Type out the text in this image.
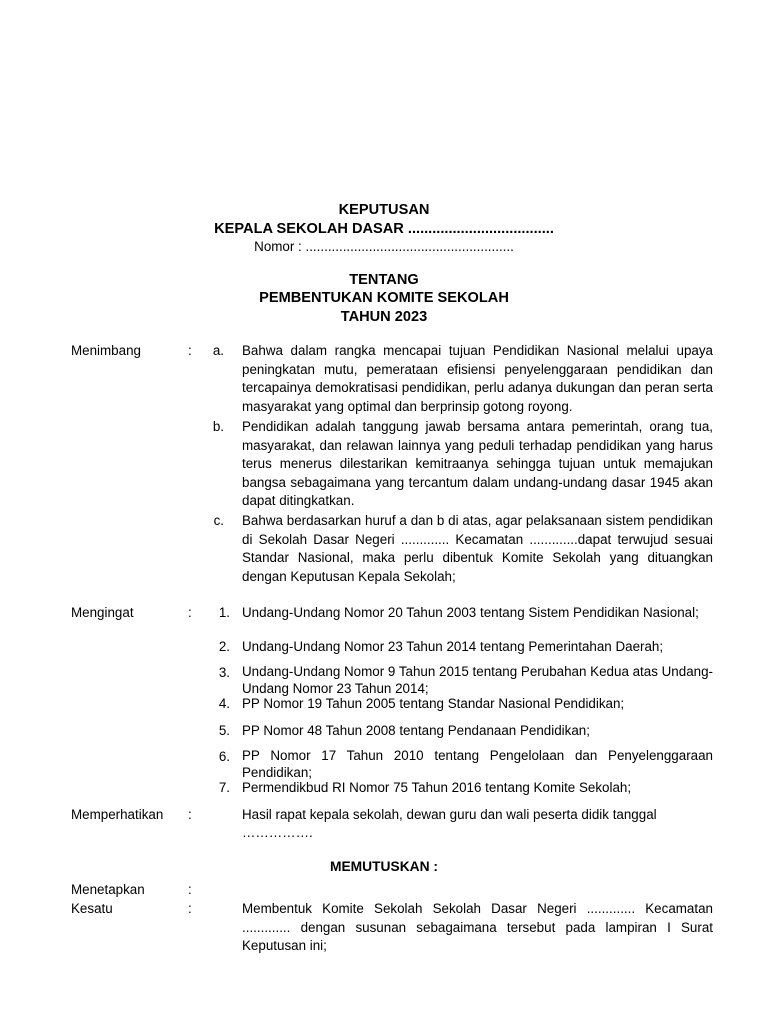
KEPUTUSAN
KEPALA SEKOLAH DASAR ....................................
Nomor : ........................................................
TENTANG
PEMBENTUKAN KOMITE SEKOLAH
TAHUN 2023
Menimbang	:	a. Bahwa dalam rangka mencapai tujuan Pendidikan Nasional melalui upaya peningkatan mutu, pemerataan efisiensi penyelenggaraan pendidikan dan tercapainya demokratisasi pendidikan, perlu adanya dukungan dan peran serta masyarakat yang optimal dan berprinsip gotong royong.
b. Pendidikan adalah tanggung jawab bersama antara pemerintah, orang tua, masyarakat, dan relawan lainnya yang peduli terhadap pendidikan yang harus terus menerus dilestarikan kemitraanya sehingga tujuan untuk memajukan bangsa sebagaimana yang tercantum dalam undang-undang dasar 1945 akan dapat ditingkatkan.
c. Bahwa berdasarkan huruf a dan b di atas, agar pelaksanaan sistem pendidikan di Sekolah Dasar Negeri ............. Kecamatan .............dapat terwujud sesuai Standar Nasional, maka perlu dibentuk Komite Sekolah yang dituangkan dengan Keputusan Kepala Sekolah;
Mengingat	:	1. Undang-Undang Nomor 20 Tahun 2003 tentang Sistem Pendidikan Nasional;
2. Undang-Undang Nomor 23 Tahun 2014 tentang Pemerintahan Daerah;
3. Undang-Undang Nomor 9 Tahun 2015 tentang Perubahan Kedua atas Undang-Undang Nomor 23 Tahun 2014;
4. PP Nomor 19 Tahun 2005 tentang Standar Nasional Pendidikan;
5. PP Nomor 48 Tahun 2008 tentang Pendanaan Pendidikan;
6. PP Nomor 17 Tahun 2010 tentang Pengelolaan dan Penyelenggaraan Pendidikan;
7. Permendikbud RI Nomor 75 Tahun 2016 tentang Komite Sekolah;
Memperhatikan :	Hasil rapat kepala sekolah, dewan guru dan wali peserta didik tanggal
…………….
MEMUTUSKAN :
Menetapkan	:
Kesatu	:	Membentuk Komite Sekolah Sekolah Dasar Negeri ............. Kecamatan ............. dengan susunan sebagaimana tersebut pada lampiran I Surat Keputusan ini;
